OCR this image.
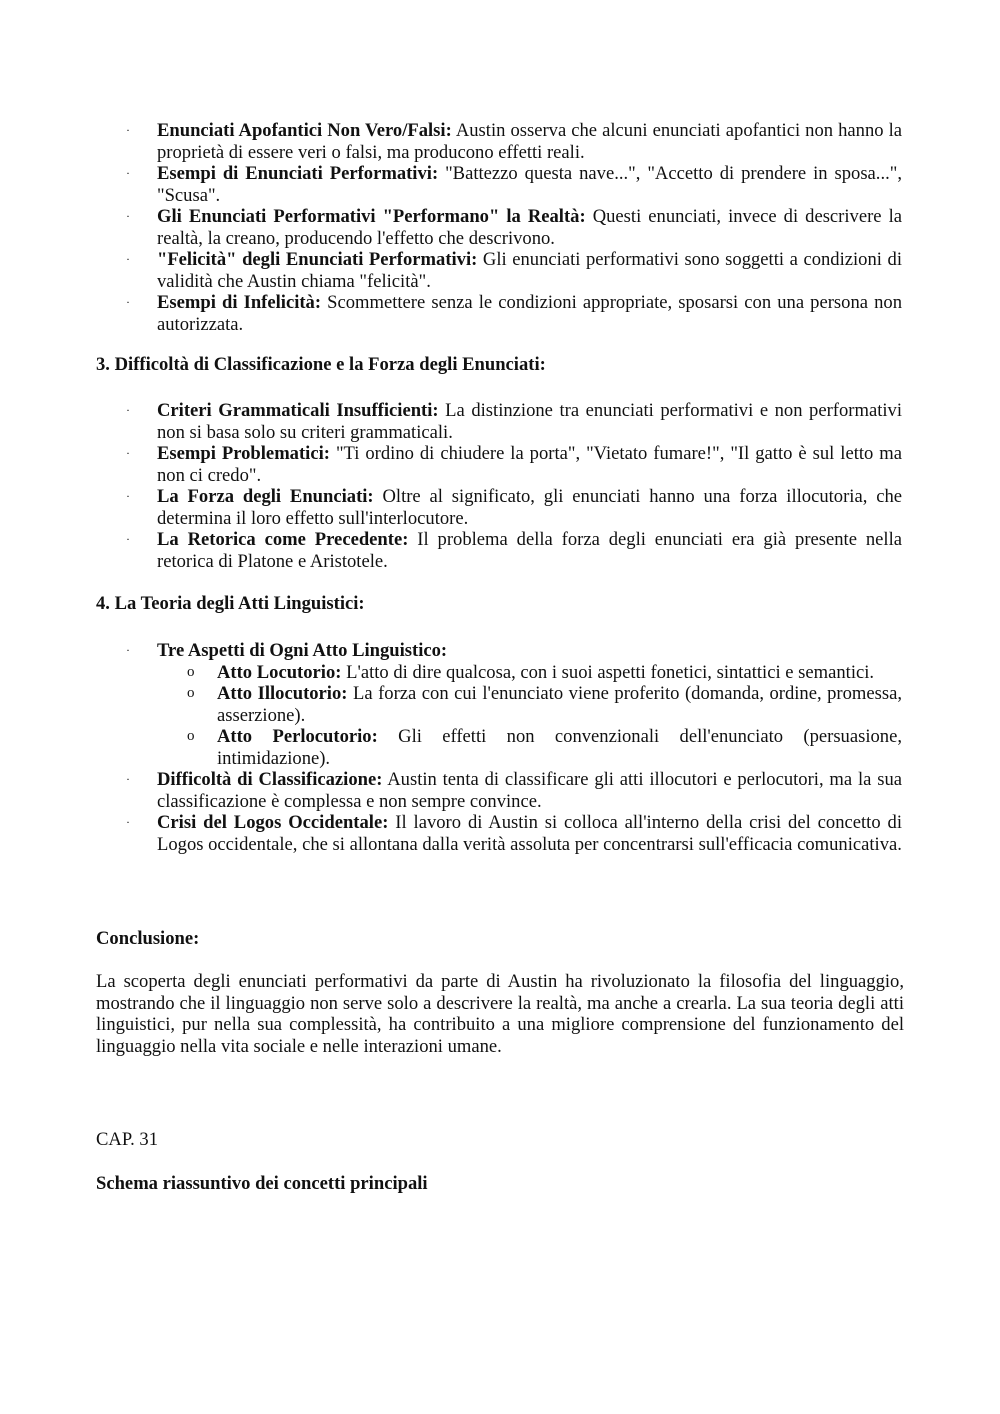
· Enunciati Apofantici Non Vero/Falsi: Austin osserva che alcuni enunciati apofantici non hanno la proprietà di essere veri o falsi, ma producono effetti reali.
· Esempi di Enunciati Performativi: "Battezzo questa nave...", "Accetto di prendere in sposa...", "Scusa".
· Gli Enunciati Performativi "Performano" la Realtà: Questi enunciati, invece di descrivere la realtà, la creano, producendo l'effetto che descrivono.
· "Felicità" degli Enunciati Performativi: Gli enunciati performativi sono soggetti a condizioni di validità che Austin chiama "felicità".
· Esempi di Infelicità: Scommettere senza le condizioni appropriate, sposarsi con una persona non autorizzata.
3. Difficoltà di Classificazione e la Forza degli Enunciati:
· Criteri Grammaticali Insufficienti: La distinzione tra enunciati performativi e non performativi non si basa solo su criteri grammaticali.
· Esempi Problematici: "Ti ordino di chiudere la porta", "Vietato fumare!", "Il gatto è sul letto ma non ci credo".
· La Forza degli Enunciati: Oltre al significato, gli enunciati hanno una forza illocutoria, che determina il loro effetto sull'interlocutore.
· La Retorica come Precedente: Il problema della forza degli enunciati era già presente nella retorica di Platone e Aristotele.
4. La Teoria degli Atti Linguistici:
· Tre Aspetti di Ogni Atto Linguistico:
o Atto Locutorio: L'atto di dire qualcosa, con i suoi aspetti fonetici, sintattici e semantici.
o Atto Illocutorio: La forza con cui l'enunciato viene proferito (domanda, ordine, promessa, asserzione).
o Atto Perlocutorio: Gli effetti non convenzionali dell'enunciato (persuasione, intimidazione).
· Difficoltà di Classificazione: Austin tenta di classificare gli atti illocutori e perlocutori, ma la sua classificazione è complessa e non sempre convince.
· Crisi del Logos Occidentale: Il lavoro di Austin si colloca all'interno della crisi del concetto di Logos occidentale, che si allontana dalla verità assoluta per concentrarsi sull'efficacia comunicativa.
Conclusione:
La scoperta degli enunciati performativi da parte di Austin ha rivoluzionato la filosofia del linguaggio, mostrando che il linguaggio non serve solo a descrivere la realtà, ma anche a crearla. La sua teoria degli atti linguistici, pur nella sua complessità, ha contribuito a una migliore comprensione del funzionamento del linguaggio nella vita sociale e nelle interazioni umane.
CAP. 31
Schema riassuntivo dei concetti principali
